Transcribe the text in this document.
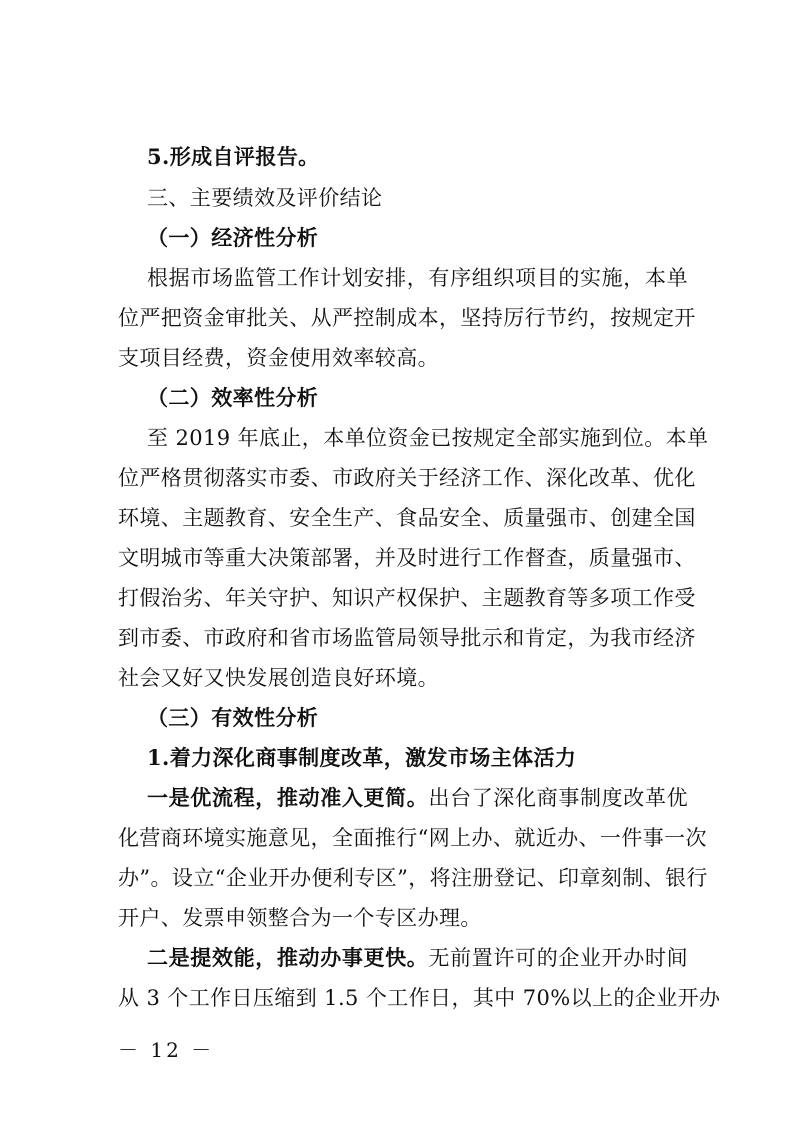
5.形成自评报告。
三、主要绩效及评价结论
（一）经济性分析
根据市场监管工作计划安排，有序组织项目的实施，本单
位严把资金审批关、从严控制成本，坚持厉行节约，按规定开
支项目经费，资金使用效率较高。
（二）效率性分析
至 2019 年底止，本单位资金已按规定全部实施到位。本单
位严格贯彻落实市委、市政府关于经济工作、深化改革、优化
环境、主题教育、安全生产、食品安全、质量强市、创建全国
文明城市等重大决策部署，并及时进行工作督查，质量强市、
打假治劣、年关守护、知识产权保护、主题教育等多项工作受
到市委、市政府和省市场监管局领导批示和肯定，为我市经济
社会又好又快发展创造良好环境。
（三）有效性分析
1.着力深化商事制度改革，激发市场主体活力
一是优流程，推动准入更简。出台了深化商事制度改革优
化营商环境实施意见，全面推行“网上办、就近办、一件事一次
办”。设立“企业开办便利专区”，将注册登记、印章刻制、银行
开户、发票申领整合为一个专区办理。
二是提效能，推动办事更快。无前置许可的企业开办时间
从 3 个工作日压缩到 1.5 个工作日，其中 70%以上的企业开办
－ 12 －
